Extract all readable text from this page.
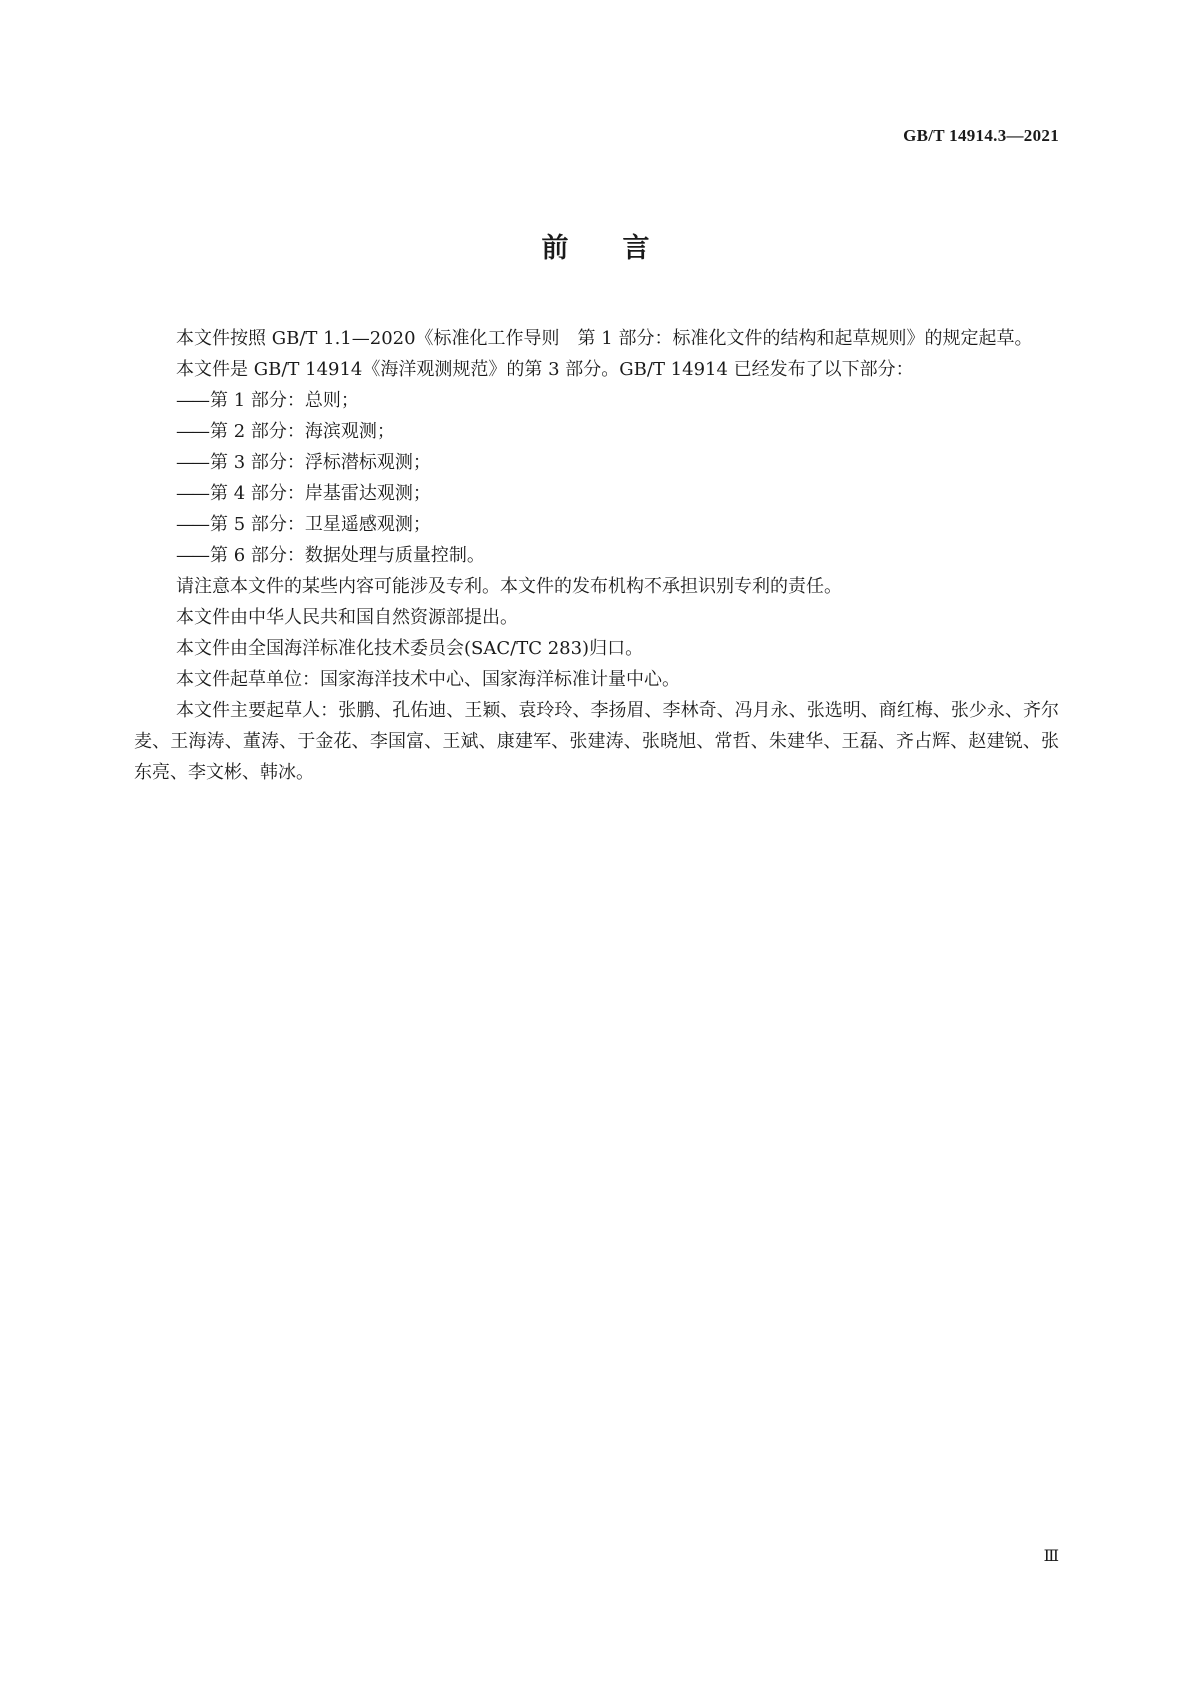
GB/T 14914.3—2021
前 言

本文件按照 GB/T 1.1—2020《标准化工作导则　第 1 部分：标准化文件的结构和起草规则》的规定起草。

本文件是 GB/T 14914《海洋观测规范》的第 3 部分。GB/T 14914 已经发布了以下部分：

—— 第 1 部分：总则；

—— 第 2 部分：海滨观测；

—— 第 3 部分：浮标潜标观测；

—— 第 4 部分：岸基雷达观测；

—— 第 5 部分：卫星遥感观测；

—— 第 6 部分：数据处理与质量控制。

请注意本文件的某些内容可能涉及专利。本文件的发布机构不承担识别专利的责任。

本文件由中华人民共和国自然资源部提出。

本文件由全国海洋标准化技术委员会(SAC/TC 283)归口。

本文件起草单位：国家海洋技术中心、国家海洋标准计量中心。

本文件主要起草人：张鹏、孔佑迪、王颖、袁玲玲、李扬眉、李林奇、冯月永、张选明、商红梅、张少永、齐尔麦、王海涛、董涛、于金花、李国富、王斌、康建军、张建涛、张晓旭、常哲、朱建华、王磊、齐占辉、赵建锐、张东亮、李文彬、韩冰。

Ⅲ
